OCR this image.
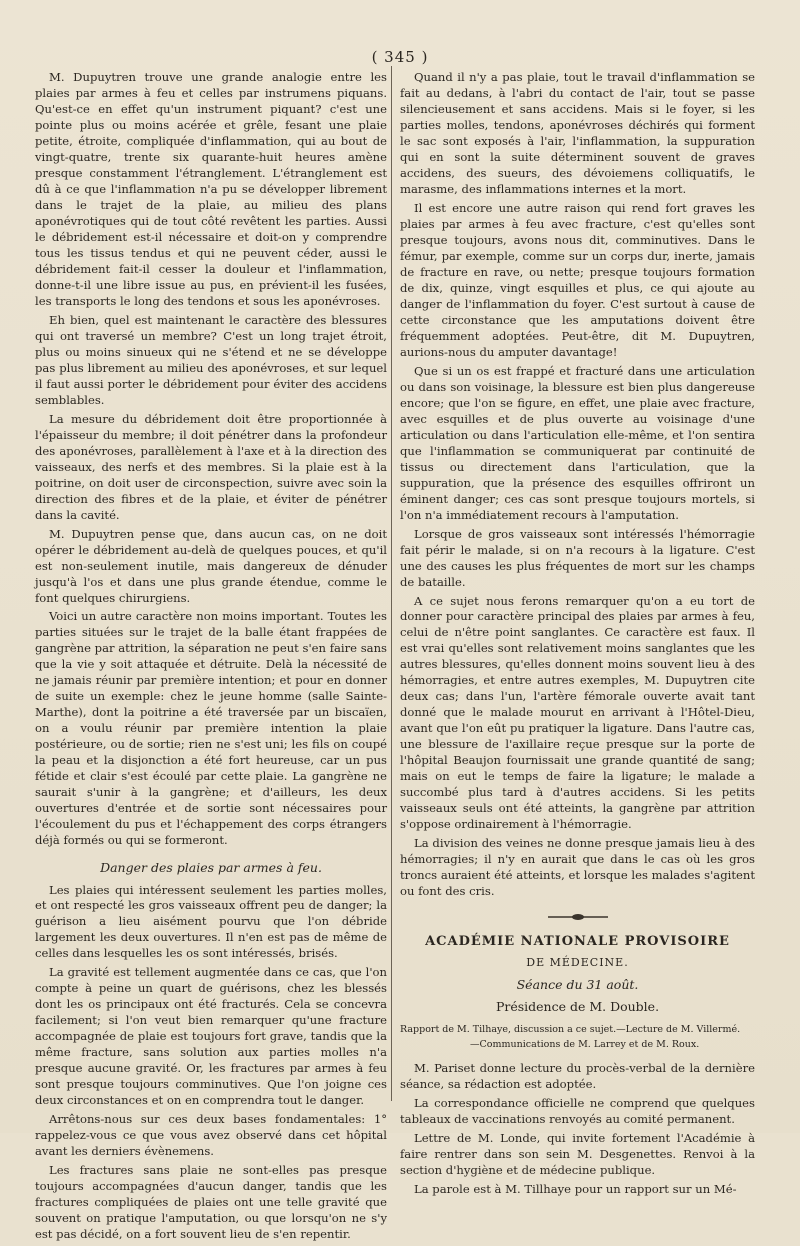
( 345 )

M. Dupuytren trouve une grande analogie entre les plaies par armes à feu et celles par instrumens piquans. Qu'est-ce en effet qu'un instrument piquant? c'est une pointe plus ou moins acérée et grêle, fesant une plaie petite, étroite, compliquée d'inflammation, qui au bout de vingt-quatre, trente six quarante-huit heures amène presque constamment l'étranglement. L'étranglement est dû à ce que l'inflammation n'a pu se développer librement dans le trajet de la plaie, au milieu des plans aponévrotiques qui de tout côté revêtent les parties. Aussi le débridement est-il nécessaire et doit-on y comprendre tous les tissus tendus et qui ne peuvent céder, aussi le débridement fait-il cesser la douleur et l'inflammation, donne-t-il une libre issue au pus, en prévient-il les fusées, les transports le long des tendons et sous les aponévroses.

Eh bien, quel est maintenant le caractère des blessures qui ont traversé un membre? C'est un long trajet étroit, plus ou moins sinueux qui ne s'étend et ne se développe pas plus librement au milieu des aponévroses, et sur lequel il faut aussi porter le débridement pour éviter des accidens semblables.

La mesure du débridement doit être proportionnée à l'épaisseur du membre; il doit pénétrer dans la profondeur des aponévroses, parallèlement à l'axe et à la direction des vaisseaux, des nerfs et des membres. Si la plaie est à la poitrine, on doit user de circonspection, suivre avec soin la direction des fibres et de la plaie, et éviter de pénétrer dans la cavité.

M. Dupuytren pense que, dans aucun cas, on ne doit opérer le débridement au-delà de quelques pouces, et qu'il est non-seulement inutile, mais dangereux de dénuder jusqu'à l'os et dans une plus grande étendue, comme le font quelques chirurgiens.

Voici un autre caractère non moins important. Toutes les parties situées sur le trajet de la balle étant frappées de gangrène par attrition, la séparation ne peut s'en faire sans que la vie y soit attaquée et détruite. Delà la nécessité de ne jamais réunir par première intention; et pour en donner de suite un exemple: chez le jeune homme (salle Sainte-Marthe), dont la poitrine a été traversée par un biscaïen, on a voulu réunir par première intention la plaie postérieure, ou de sortie; rien ne s'est uni; les fils on coupé la peau et la disjonction a été fort heureuse, car un pus fétide et clair s'est écoulé par cette plaie. La gangrène ne saurait s'unir à la gangrène; et d'ailleurs, les deux ouvertures d'entrée et de sortie sont nécessaires pour l'écoulement du pus et l'échappement des corps étrangers déjà formés ou qui se formeront.

Danger des plaies par armes à feu.

Les plaies qui intéressent seulement les parties molles, et ont respecté les gros vaisseaux offrent peu de danger; la guérison a lieu aisément pourvu que l'on débride largement les deux ouvertures. Il n'en est pas de même de celles dans lesquelles les os sont intéressés, brisés.

La gravité est tellement augmentée dans ce cas, que l'on compte à peine un quart de guérisons, chez les blessés dont les os principaux ont été fracturés. Cela se concevra facilement; si l'on veut bien remarquer qu'une fracture accompagnée de plaie est toujours fort grave, tandis que la même fracture, sans solution aux parties molles n'a presque aucune gravité. Or, les fractures par armes à feu sont presque toujours comminutives. Que l'on joigne ces deux circonstances et on en comprendra tout le danger.

Arrêtons-nous sur ces deux bases fondamentales: 1° rappelez-vous ce que vous avez observé dans cet hôpital avant les derniers évènemens.

Les fractures sans plaie ne sont-elles pas presque toujours accompagnées d'aucun danger, tandis que les fractures compliquées de plaies ont une telle gravité que souvent on pratique l'amputation, ou que lorsqu'on ne s'y est pas décidé, on a fort souvent lieu de s'en repentir.

Quand il n'y a pas plaie, tout le travail d'inflammation se fait au dedans, à l'abri du contact de l'air, tout se passe silencieusement et sans accidens. Mais si le foyer, si les parties molles, tendons, aponévroses déchirés qui forment le sac sont exposés à l'air, l'inflammation, la suppuration qui en sont la suite déterminent souvent de graves accidens, des sueurs, des dévoiemens colliquatifs, le marasme, des inflammations internes et la mort.

Il est encore une autre raison qui rend fort graves les plaies par armes à feu avec fracture, c'est qu'elles sont presque toujours, avons nous dit, comminutives. Dans le fémur, par exemple, comme sur un corps dur, inerte, jamais de fracture en rave, ou nette; presque toujours formation de dix, quinze, vingt esquilles et plus, ce qui ajoute au danger de l'inflammation du foyer. C'est surtout à cause de cette circonstance que les amputations doivent être fréquemment adoptées. Peut-être, dit M. Dupuytren, aurions-nous du amputer davantage!

Que si un os est frappé et fracturé dans une articulation ou dans son voisinage, la blessure est bien plus dangereuse encore; que l'on se figure, en effet, une plaie avec fracture, avec esquilles et de plus ouverte au voisinage d'une articulation ou dans l'articulation elle-même, et l'on sentira que l'inflammation se communiquerat par continuité de tissus ou directement dans l'articulation, que la suppuration, que la présence des esquilles offriront un éminent danger; ces cas sont presque toujours mortels, si l'on n'a immédiatement recours à l'amputation.

Lorsque de gros vaisseaux sont intéressés l'hémorragie fait périr le malade, si on n'a recours à la ligature. C'est une des causes les plus fréquentes de mort sur les champs de bataille.

A ce sujet nous ferons remarquer qu'on a eu tort de donner pour caractère principal des plaies par armes à feu, celui de n'être point sanglantes. Ce caractère est faux. Il est vrai qu'elles sont relativement moins sanglantes que les autres blessures, qu'elles donnent moins souvent lieu à des hémorragies, et entre autres exemples, M. Dupuytren cite deux cas; dans l'un, l'artère fémorale ouverte avait tant donné que le malade mourut en arrivant à l'Hôtel-Dieu, avant que l'on eût pu pratiquer la ligature. Dans l'autre cas, une blessure de l'axillaire reçue presque sur la porte de l'hôpital Beaujon fournissait une grande quantité de sang; mais on eut le temps de faire la ligature; le malade a succombé plus tard à d'autres accidens. Si les petits vaisseaux seuls ont été atteints, la gangrène par attrition s'oppose ordinairement à l'hémorragie.

La division des veines ne donne presque jamais lieu à des hémorragies; il n'y en aurait que dans le cas où les gros troncs auraient été atteints, et lorsque les malades s'agitent ou font des cris.

ACADÉMIE NATIONALE PROVISOIRE
DE MÉDECINE.
Séance du 31 août.
Présidence de M. Double.
Rapport de M. Tilhaye, discussion a ce sujet.—Lecture de M. Villermé.
—Communications de M. Larrey et de M. Roux.

M. Pariset donne lecture du procès-verbal de la dernière séance, sa rédaction est adoptée.

La correspondance officielle ne comprend que quelques tableaux de vaccinations renvoyés au comité permanent.

Lettre de M. Londe, qui invite fortement l'Académie à faire rentrer dans son sein M. Desgenettes. Renvoi à la section d'hygiène et de médecine publique.

La parole est à M. Tillhaye pour un rapport sur un Mé-
